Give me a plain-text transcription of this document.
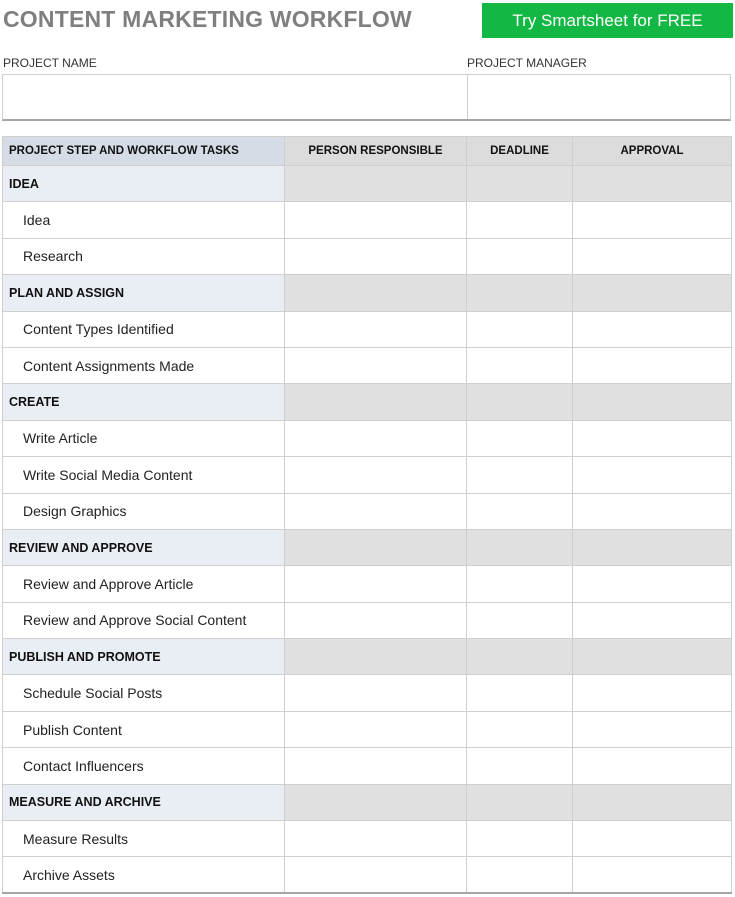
CONTENT MARKETING WORKFLOW	Try Smartsheet for FREE
PROJECT NAME	PROJECT MANAGER
PROJECT STEP AND WORKFLOW TASKS	PERSON RESPONSIBLE	DEADLINE	APPROVAL
IDEA			
Idea			
Research			
PLAN AND ASSIGN			
Content Types Identified			
Content Assignments Made			
CREATE			
Write Article			
Write Social Media Content			
Design Graphics			
REVIEW AND APPROVE			
Review and Approve Article			
Review and Approve Social Content			
PUBLISH AND PROMOTE			
Schedule Social Posts			
Publish Content			
Contact Influencers			
MEASURE AND ARCHIVE			
Measure Results			
Archive Assets			
